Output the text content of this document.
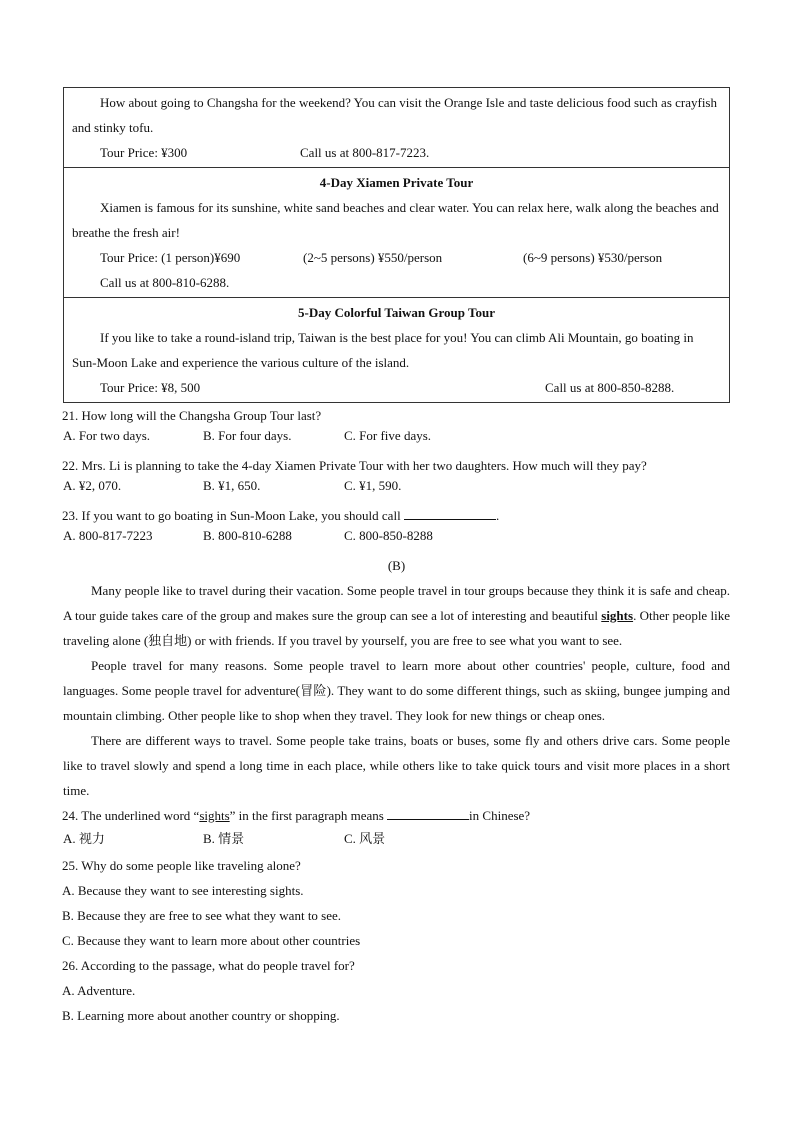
How about going to Changsha for the weekend? You can visit the Orange Isle and taste delicious food such as crayfish and stinky tofu.
Tour Price: ¥300	Call us at 800-817-7223.

4-Day Xiamen Private Tour
Xiamen is famous for its sunshine, white sand beaches and clear water. You can relax here, walk along the beaches and breathe the fresh air!
Tour Price: (1 person)¥690	(2~5 persons) ¥550/person	(6~9 persons) ¥530/person
Call us at 800-810-6288.

5-Day Colorful Taiwan Group Tour
If you like to take a round-island trip, Taiwan is the best place for you! You can climb Ali Mountain, go boating in Sun-Moon Lake and experience the various culture of the island.
Tour Price: ¥8, 500	Call us at 800-850-8288.
21. How long will the Changsha Group Tour last?
A. For two days.	B. For four days.	C. For five days.
22. Mrs. Li is planning to take the 4-day Xiamen Private Tour with her two daughters. How much will they pay?
A. ¥2, 070.	B. ¥1, 650.	C. ¥1, 590.
23. If you want to go boating in Sun-Moon Lake, you should call	.
A. 800-817-7223	B. 800-810-6288	C. 800-850-8288
(B)
Many people like to travel during their vacation. Some people travel in tour groups because they think it is safe and cheap. A tour guide takes care of the group and makes sure the group can see a lot of interesting and beautiful sights. Other people like traveling alone (独自地) or with friends. If you travel by yourself, you are free to see what you want to see.
People travel for many reasons. Some people travel to learn more about other countries' people, culture, food and languages. Some people travel for adventure(冒险). They want to do some different things, such as skiing, bungee jumping and mountain climbing. Other people like to shop when they travel. They look for new things or cheap ones.
There are different ways to travel. Some people take trains, boats or buses, some fly and others drive cars. Some people like to travel slowly and spend a long time in each place, while others like to take quick tours and visit more places in a short time.
24. The underlined word “sights” in the first paragraph means	in Chinese?
A. 视力	B. 情景	C. 风景
25. Why do some people like traveling alone?
A. Because they want to see interesting sights.
B. Because they are free to see what they want to see.
C. Because they want to learn more about other countries
26. According to the passage, what do people travel for?
A. Adventure.
B. Learning more about another country or shopping.
